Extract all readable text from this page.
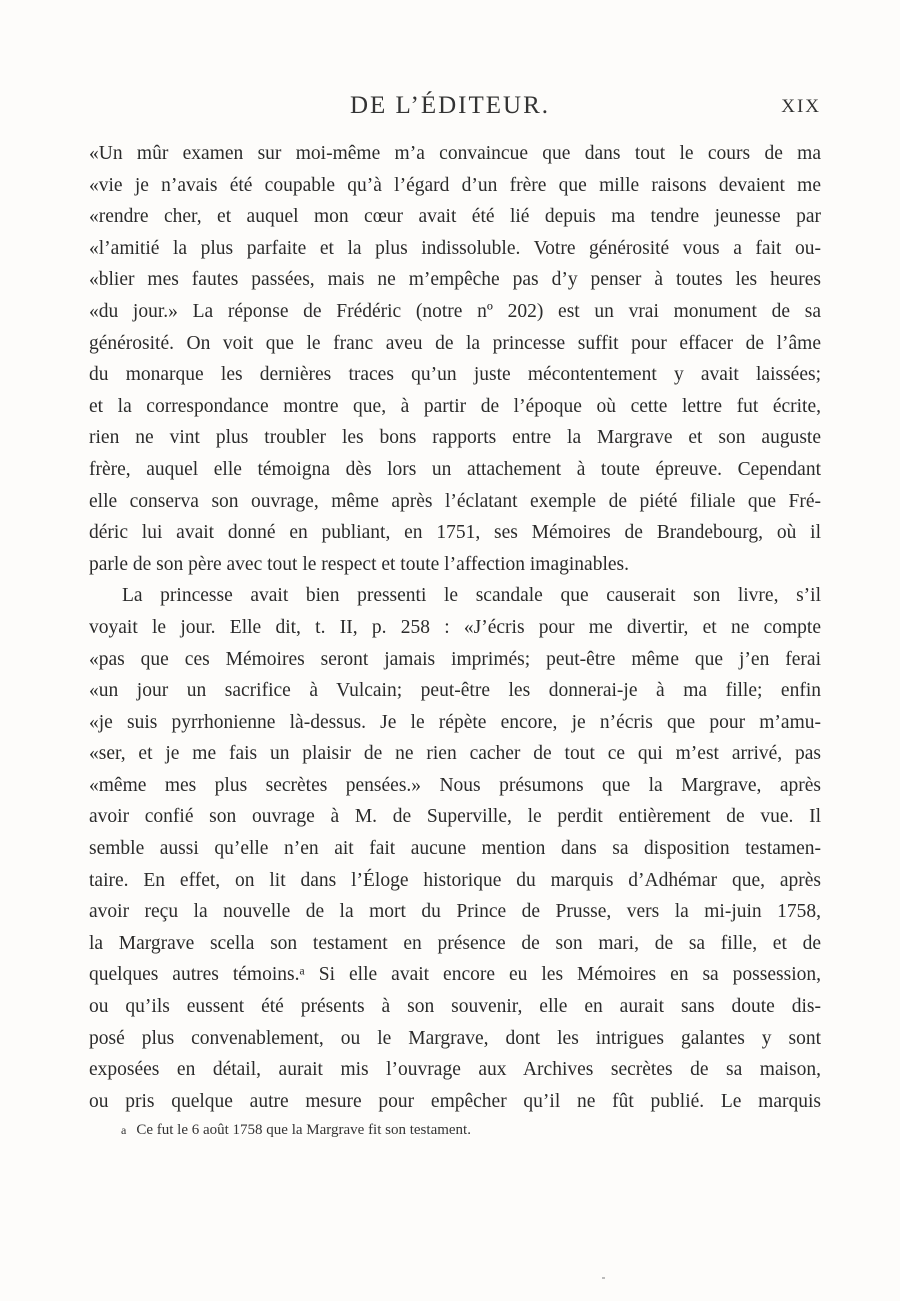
DE L’ÉDITEUR.	XIX
«Un mûr examen sur moi-même m’a convaincue que dans tout le cours de ma
«vie je n’avais été coupable qu’à l’égard d’un frère que mille raisons devaient me
«rendre cher, et auquel mon cœur avait été lié depuis ma tendre jeunesse par
«l’amitié la plus parfaite et la plus indissoluble. Votre générosité vous a fait ou-
«blier mes fautes passées, mais ne m’empêche pas d’y penser à toutes les heures
«du jour.» La réponse de Frédéric (notre nº 202) est un vrai monument de sa
générosité. On voit que le franc aveu de la princesse suffit pour effacer de l’âme
du monarque les dernières traces qu’un juste mécontentement y avait laissées;
et la correspondance montre que, à partir de l’époque où cette lettre fut écrite,
rien ne vint plus troubler les bons rapports entre la Margrave et son auguste
frère, auquel elle témoigna dès lors un attachement à toute épreuve. Cependant
elle conserva son ouvrage, même après l’éclatant exemple de piété filiale que Fré-
déric lui avait donné en publiant, en 1751, ses Mémoires de Brandebourg, où il
parle de son père avec tout le respect et toute l’affection imaginables.
La princesse avait bien pressenti le scandale que causerait son livre, s’il
voyait le jour. Elle dit, t. II, p. 258 : «J’écris pour me divertir, et ne compte
«pas que ces Mémoires seront jamais imprimés; peut-être même que j’en ferai
«un jour un sacrifice à Vulcain; peut-être les donnerai-je à ma fille; enfin
«je suis pyrrhonienne là-dessus. Je le répète encore, je n’écris que pour m’amu-
«ser, et je me fais un plaisir de ne rien cacher de tout ce qui m’est arrivé, pas
«même mes plus secrètes pensées.» Nous présumons que la Margrave, après
avoir confié son ouvrage à M. de Superville, le perdit entièrement de vue. Il
semble aussi qu’elle n’en ait fait aucune mention dans sa disposition testamen-
taire. En effet, on lit dans l’Éloge historique du marquis d’Adhémar que, après
avoir reçu la nouvelle de la mort du Prince de Prusse, vers la mi-juin 1758,
la Margrave scella son testament en présence de son mari, de sa fille, et de
quelques autres témoins.ᵃ Si elle avait encore eu les Mémoires en sa possession,
ou qu’ils eussent été présents à son souvenir, elle en aurait sans doute dis-
posé plus convenablement, ou le Margrave, dont les intrigues galantes y sont
exposées en détail, aurait mis l’ouvrage aux Archives secrètes de sa maison,
ou pris quelque autre mesure pour empêcher qu’il ne fût publié. Le marquis
a Ce fut le 6 août 1758 que la Margrave fit son testament.
